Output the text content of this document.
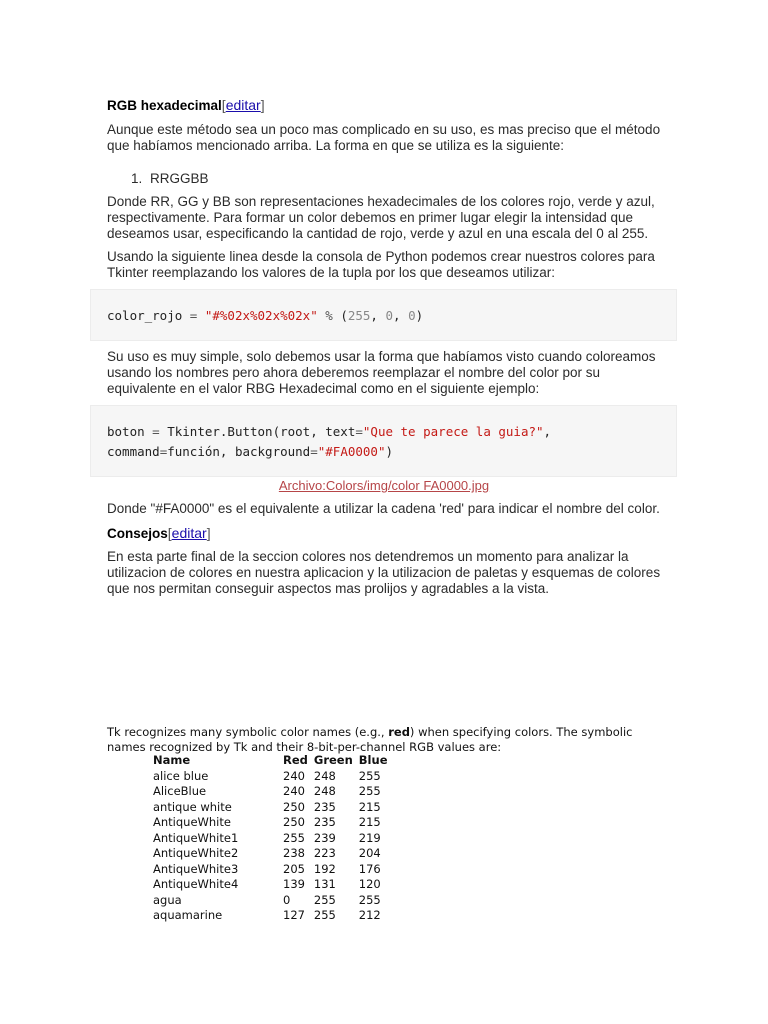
RGB hexadecimal[editar]
Aunque este método sea un poco mas complicado en su uso, es mas preciso que el método que habíamos mencionado arriba. La forma en que se utiliza es la siguiente:
1. RRGGBB
Donde RR, GG y BB son representaciones hexadecimales de los colores rojo, verde y azul, respectivamente. Para formar un color debemos en primer lugar elegir la intensidad que deseamos usar, especificando la cantidad de rojo, verde y azul en una escala del 0 al 255.
Usando la siguiente linea desde la consola de Python podemos crear nuestros colores para Tkinter reemplazando los valores de la tupla por los que deseamos utilizar:
color_rojo = "#%02x%02x%02x" % (255, 0, 0)
Su uso es muy simple, solo debemos usar la forma que habíamos visto cuando coloreamos usando los nombres pero ahora deberemos reemplazar el nombre del color por su equivalente en el valor RBG Hexadecimal como en el siguiente ejemplo:
boton = Tkinter.Button(root, text="Que te parece la guia?",
command=función, background="#FA0000")
Archivo:Colors/img/color FA0000.jpg
Donde "#FA0000" es el equivalente a utilizar la cadena 'red' para indicar el nombre del color.
Consejos[editar]
En esta parte final de la seccion colores nos detendremos un momento para analizar la utilizacion de colores en nuestra aplicacion y la utilizacion de paletas y esquemas de colores que nos permitan conseguir aspectos mas prolijos y agradables a la vista.
Tk recognizes many symbolic color names (e.g., red) when specifying colors. The symbolic names recognized by Tk and their 8-bit-per-channel RGB values are:
Name	Red	Green	Blue
alice blue	240	248	255
AliceBlue	240	248	255
antique white	250	235	215
AntiqueWhite	250	235	215
AntiqueWhite1	255	239	219
AntiqueWhite2	238	223	204
AntiqueWhite3	205	192	176
AntiqueWhite4	139	131	120
agua	0	255	255
aquamarine	127	255	212
